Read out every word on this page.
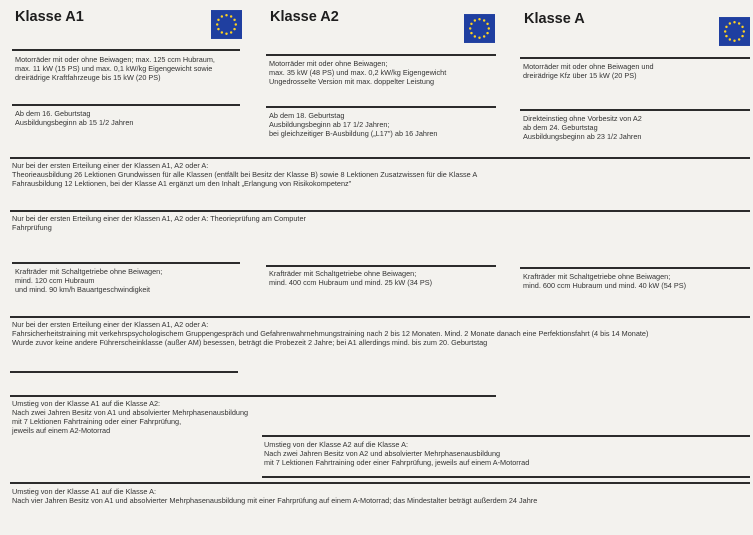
Klasse A1	Klasse A2	Klasse A
Motorräder mit oder ohne Beiwagen; max. 125 ccm Hubraum,
max. 11 kW (15 PS) und max. 0,1 kW/kg Eigengewicht sowie
dreirädrige Kraftfahrzeuge bis 15 kW (20 PS)
Motorräder mit oder ohne Beiwagen;
max. 35 kW (48 PS) und max. 0,2 kW/kg Eigengewicht
Ungedrosselte Version mit max. doppelter Leistung
Motorräder mit oder ohne Beiwagen und
dreirädrige Kfz über 15 kW (20 PS)
Ab dem 16. Geburtstag
Ausbildungsbeginn ab 15 1/2 Jahren
Ab dem 18. Geburtstag
Ausbildungsbeginn ab 17 1/2 Jahren;
bei gleichzeitiger B-Ausbildung („L17") ab 16 Jahren
Direkteinstieg ohne Vorbesitz von A2
ab dem 24. Geburtstag
Ausbildungsbeginn ab 23 1/2 Jahren
Nur bei der ersten Erteilung einer der Klassen A1, A2 oder A:
Theorieausbildung 26 Lektionen Grundwissen für alle Klassen (entfällt bei Besitz der Klasse B) sowie 8 Lektionen Zusatzwissen für die Klasse A
Fahrausbildung 12 Lektionen, bei der Klasse A1 ergänzt um den Inhalt „Erlangung von Risikokompetenz"
Nur bei der ersten Erteilung einer der Klassen A1, A2 oder A: Theorieprüfung am Computer
Fahrprüfung
Krafträder mit Schaltgetriebe ohne Beiwagen;
mind. 120 ccm Hubraum
und mind. 90 km/h Bauartgeschwindigkeit
Krafträder mit Schaltgetriebe ohne Beiwagen;
mind. 400 ccm Hubraum und mind. 25 kW (34 PS)
Krafträder mit Schaltgetriebe ohne Beiwagen;
mind. 600 ccm Hubraum und mind. 40 kW (54 PS)
Nur bei der ersten Erteilung einer der Klassen A1, A2 oder A:
Fahrsicherheitstraining mit verkehrspsychologischem Gruppengespräch und Gefahrenwahrnehmungstraining nach 2 bis 12 Monaten. Mind. 2 Monate danach eine Perfektionsfahrt (4 bis 14 Monate)
Wurde zuvor keine andere Führerscheinklasse (außer AM) besessen, beträgt die Probezeit 2 Jahre; bei A1 allerdings mind. bis zum 20. Geburtstag
Umstieg von der Klasse A1 auf die Klasse A2:
Nach zwei Jahren Besitz von A1 und absolvierter Mehrphasenausbildung
mit 7 Lektionen Fahrtraining oder einer Fahrprüfung,
jeweils auf einem A2-Motorrad
Umstieg von der Klasse A2 auf die Klasse A:
Nach zwei Jahren Besitz von A2 und absolvierter Mehrphasenausbildung
mit 7 Lektionen Fahrtraining oder einer Fahrprüfung, jeweils auf einem A-Motorrad
Umstieg von der Klasse A1 auf die Klasse A:
Nach vier Jahren Besitz von A1 und absolvierter Mehrphasenausbildung mit einer Fahrprüfung auf einem A-Motorrad; das Mindestalter beträgt außerdem 24 Jahre
